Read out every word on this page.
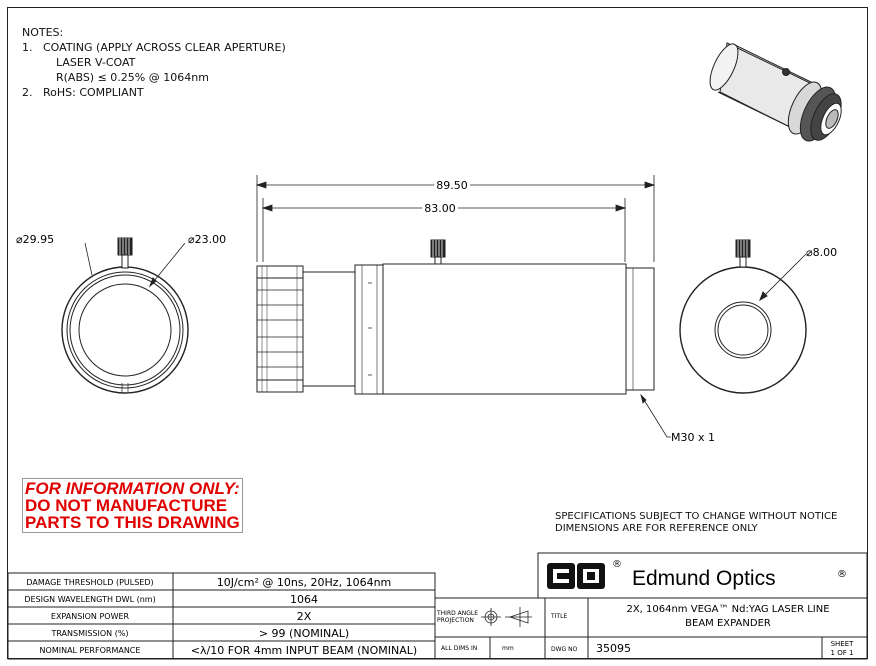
NOTES:
1. COATING (APPLY ACROSS CLEAR APERTURE)
LASER V-COAT
R(ABS) ≤ 0.25% @ 1064nm
2. RoHS: COMPLIANT
89.50
83.00
M30 x 1
⌀29.95	⌀23.00
⌀8.00
DAMAGE THRESHOLD (PULSED)	10J/cm² @ 10ns, 20Hz, 1064nm
DESIGN WAVELENGTH DWL (nm)	1064
EXPANSION POWER	2X
TRANSMISSION (%)	> 99 (NOMINAL)
NOMINAL PERFORMANCE	<λ/10 FOR 4mm INPUT BEAM (NOMINAL)
®
Edmund Optics	®
THIRD ANGLE
PROJECTION
TITLE
2X, 1064nm VEGA™ Nd:YAG LASER LINE
BEAM EXPANDER
ALL DIMS IN	mm	DWG NO 35095	SHEET
1 OF 1
FOR INFORMATION ONLY:
DO NOT MANUFACTURE
PARTS TO THIS DRAWING	SPECIFICATIONS SUBJECT TO CHANGE WITHOUT NOTICE
DIMENSIONS ARE FOR REFERENCE ONLY
